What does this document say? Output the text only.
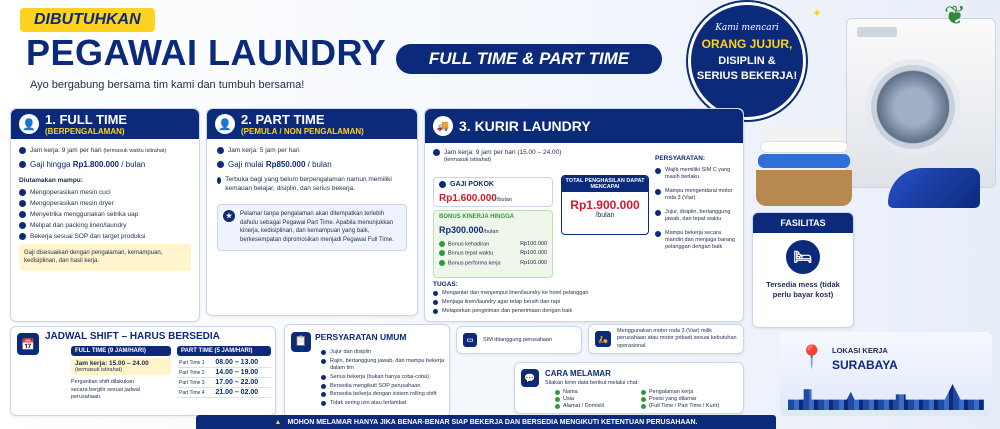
DIBUTUHKAN
PEGAWAI LAUNDRY
Ayo bergabung bersama tim kami dan tumbuh bersama!
FULL TIME & PART TIME
Kami mencari
ORANG JUJUR,
DISIPLIN &
SERIUS BEKERJA!
✦	❦
👤 1. FULL TIME
(BERPENGALAMAN)
Jam kerja: 9 jam per hari
(termasuk waktu istirahat)
Gaji hingga
Rp1.800.000
/ bulan
Diutamakan mampu:
Mengoperasikan mesin cuci
Mengoperasikan mesin dryer
Menyetrika menggunakan setrika uap
Melipat dan packing linen/laundry
Bekerja sesuai SOP dan target produksi
Gaji disesuaikan dengan pengalaman, kemampuan, kedisiplinan, dan hasil kerja.
👤 2. PART TIME
(PEMULA / NON PENGALAMAN)
Jam kerja: 5 jam per hari
Gaji mulai
Rp850.000
/ bulan
Terbuka bagi yang belum berpengalaman namun memiliki kemauan belajar, disiplin, dan serius bekerja.
★	Pelamar tanpa pengalaman akan ditempatkan terlebih dahulu sebagai Pegawai Part Time. Apabila menunjukkan kinerja, kedisiplinan, dan kemampuan yang baik, berkesempatan dipromosikan menjadi Pegawai Full Time.
🚚 3. KURIR LAUNDRY
Jam kerja: 9 jam per hari (15.00 – 24.00)
(termasuk istirahat)
GAJI POKOK
Rp1.600.000/bulan
TOTAL PENGHASILAN DAPAT MENCAPAI
Rp1.900.000
/bulan
BONUS KINERJA HINGGA
Rp300.000/bulan
Bonus kehadiran	Rp100.000
Bonus tepat waktu	Rp100.000
Bonus performa kerja	Rp100.000
PERSYARATAN:
Wajib memiliki SIM C yang masih berlaku
Mampu mengendarai motor roda 3 (Viar)
Jujur, disiplin, bertanggung jawab, dan tepat waktu
Mampu bekerja secara mandiri dan menjaga barang pelanggan dengan baik
TUGAS:
Mengantar dan menjemput linen/laundry ke hotel pelanggan
Menjaga linen/laundry agar tetap bersih dan rapi
Melaporkan pengiriman dan penerimaan dengan baik
FASILITAS
🛏
Tersedia mess (tidak perlu bayar kost)
📅
JADWAL SHIFT – HARUS BERSEDIA
FULL TIME (9 JAM/HARI)
Jam kerja: 15.00 – 24.00
(termasuk istirahat)
Pergantian shift dilakukan secara bergilir sesuai jadwal perusahaan.
PART TIME (5 JAM/HARI)
Part Time 1	08.00 – 13.00
Part Time 2	14.00 – 19.00
Part Time 3	17.00 – 22.00
Part Time 4	21.00 – 02.00
📋 PERSYARATAN UMUM
Jujur dan disiplin
Rajin, bertanggung jawab, dan mampu bekerja dalam tim
Serius bekerja (bukan hanya coba-coba)
Bersedia mengikuti SOP perusahaan
Bersedia bekerja dengan sistem rolling shift
Tidak sering izin atau terlambat
▭	SIM ditanggung perusahaan	🛵
Menggunakan motor roda 3 (Viar) milik perusahaan atau motor pribadi sesuai kebutuhan operasional
💬	CARA MELAMAR
Silakan kirim data berikut melalui chat:
Nama
Usia
Alamat / Domisili
Pengalaman kerja
Posisi yang dilamar
(Full Time / Part Time / Kurir)
📍 LOKASI KERJA
SURABAYA
▲ MOHON MELAMAR HANYA JIKA BENAR-BENAR SIAP BEKERJA DAN BERSEDIA MENGIKUTI KETENTUAN PERUSAHAAN.
